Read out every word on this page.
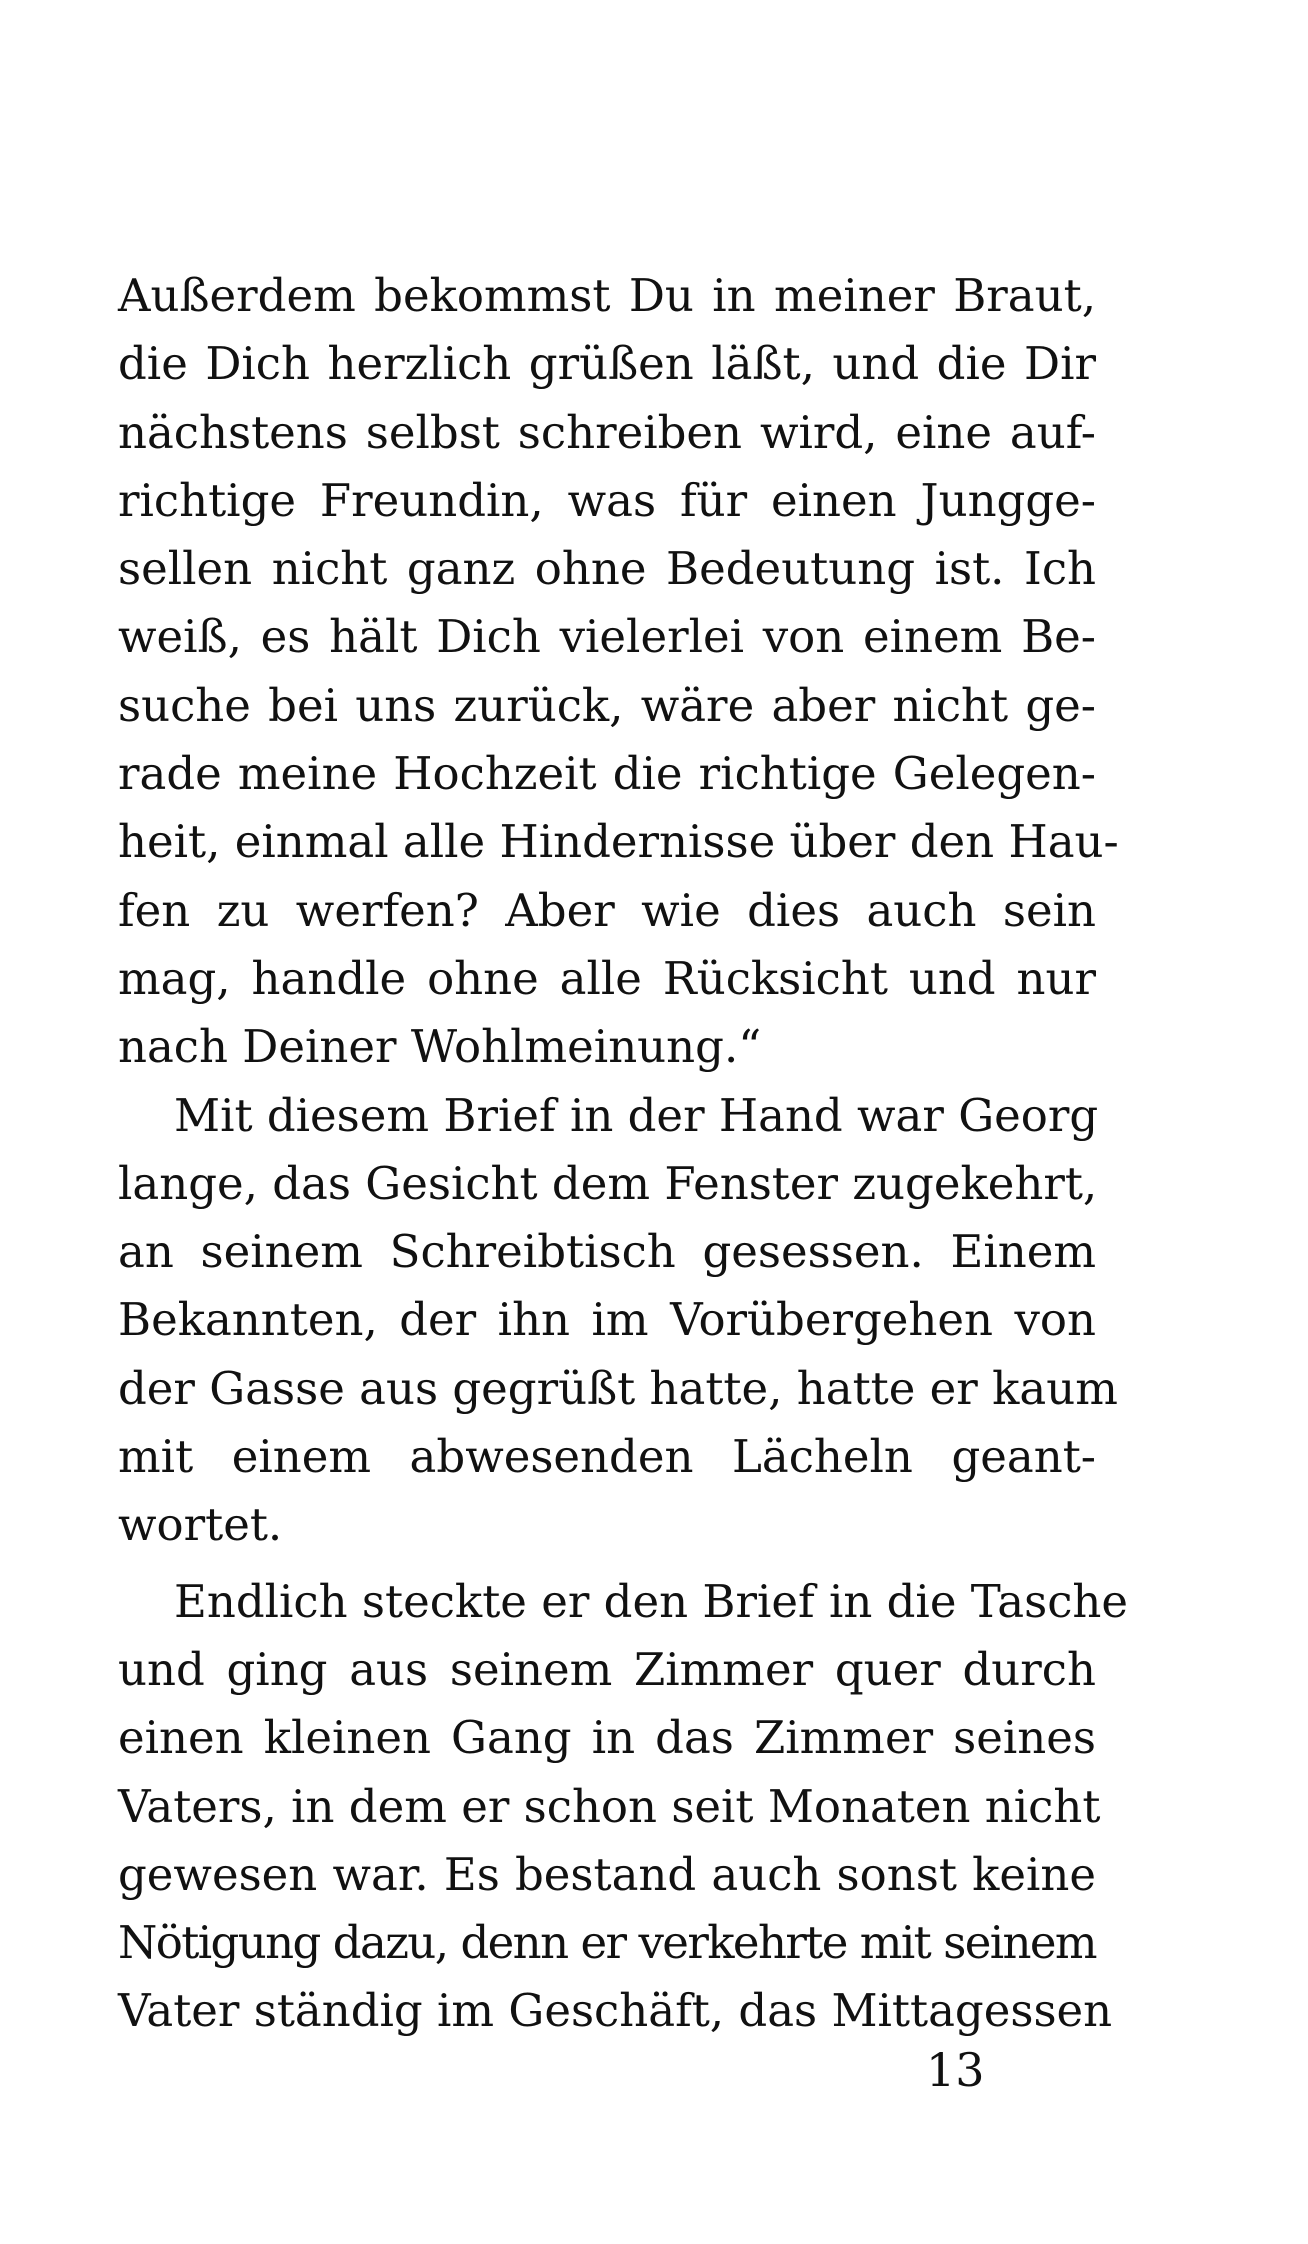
Außerdem bekommst Du in meiner Braut,
die Dich herzlich grüßen läßt, und die Dir
nächstens selbst schreiben wird, eine auf-
richtige Freundin, was für einen Jungge-
sellen nicht ganz ohne Bedeutung ist. Ich
weiß, es hält Dich vielerlei von einem Be-
suche bei uns zurück, wäre aber nicht ge-
rade meine Hochzeit die richtige Gelegen-
heit, einmal alle Hindernisse über den Hau-
fen zu werfen? Aber wie dies auch sein
mag, handle ohne alle Rücksicht und nur
nach Deiner Wohlmeinung.“
Mit diesem Brief in der Hand war Georg
lange, das Gesicht dem Fenster zugekehrt,
an seinem Schreibtisch gesessen. Einem
Bekannten, der ihn im Vorübergehen von
der Gasse aus gegrüßt hatte, hatte er kaum
mit einem abwesenden Lächeln geant-
wortet.
Endlich steckte er den Brief in die Tasche
und ging aus seinem Zimmer quer durch
einen kleinen Gang in das Zimmer seines
Vaters, in dem er schon seit Monaten nicht
gewesen war. Es bestand auch sonst keine
Nötigung dazu, denn er verkehrte mit seinem
Vater ständig im Geschäft, das Mittagessen
13
